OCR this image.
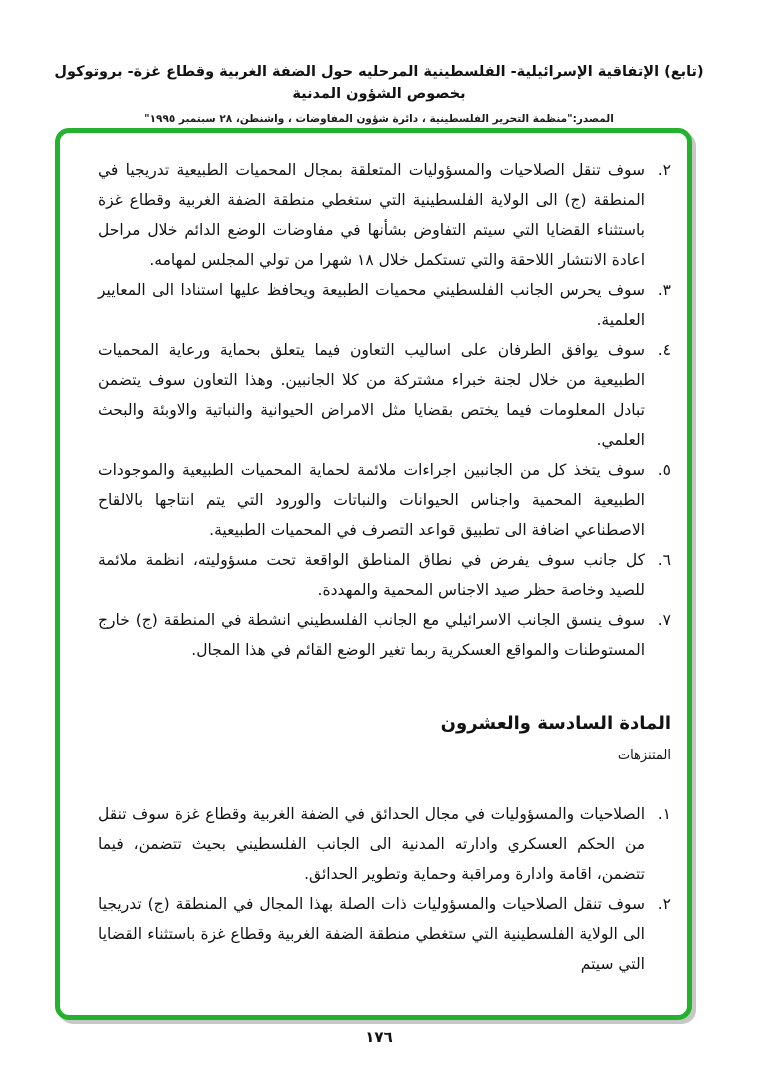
(تابع) الإتفاقية الإسرائيلية- الفلسطينية المرحليه حول الضفة الغربية وقطاع غزة- بروتوكول بخصوص الشؤون المدنية
المصدر:"منظمة التحرير الفلسطينية ، دائرة شؤون المفاوضات ، واشنطن، ٢٨ سبتمبر ١٩٩٥"
٢.
سوف تنقل الصلاحيات والمسؤوليات المتعلقة بمجال المحميات الطبيعية تدريجيا في المنطقة (ج) الى الولاية الفلسطينية التي ستغطي منطقة الضفة الغربية وقطاع غزة باستثناء القضايا التي سيتم التفاوض بشأنها في مفاوضات الوضع الدائم خلال مراحل اعادة الانتشار اللاحقة والتي تستكمل خلال ١٨ شهرا من تولي المجلس لمهامه.
٣.
سوف يحرس الجانب الفلسطيني محميات الطبيعة ويحافظ عليها استنادا الى المعايير العلمية.
٤.
سوف يوافق الطرفان على اساليب التعاون فيما يتعلق بحماية ورعاية المحميات الطبيعية من خلال لجنة خبراء مشتركة من كلا الجانبين. وهذا التعاون سوف يتضمن تبادل المعلومات فيما يختص بقضايا مثل الامراض الحيوانية والنباتية والاوبئة والبحث العلمي.
٥.
سوف يتخذ كل من الجانبين اجراءات ملائمة لحماية المحميات الطبيعية والموجودات الطبيعية المحمية واجناس الحيوانات والنباتات والورود التي يتم انتاجها بالالقاح الاصطناعي اضافة الى تطبيق قواعد التصرف في المحميات الطبيعية.
٦.
كل جانب سوف يفرض في نطاق المناطق الواقعة تحت مسؤوليته، انظمة ملائمة للصيد وخاصة حظر صيد الاجناس المحمية والمهددة.
٧.
سوف ينسق الجانب الاسرائيلي مع الجانب الفلسطيني انشطة في المنطقة (ج) خارج المستوطنات والمواقع العسكرية ربما تغير الوضع القائم في هذا المجال.
المادة السادسة والعشرون
المتنزهات
١.
الصلاحيات والمسؤوليات في مجال الحدائق في الضفة الغربية وقطاع غزة سوف تنقل من الحكم العسكري وادارته المدنية الى الجانب الفلسطيني بحيث تتضمن، فيما تتضمن، اقامة وادارة ومراقبة وحماية وتطوير الحدائق.
٢.
سوف تنقل الصلاحيات والمسؤوليات ذات الصلة بهذا المجال في المنطقة (ج) تدريجيا الى الولاية الفلسطينية التي ستغطي منطقة الضفة الغربية وقطاع غزة باستثناء القضايا التي سيتم
١٧٦
